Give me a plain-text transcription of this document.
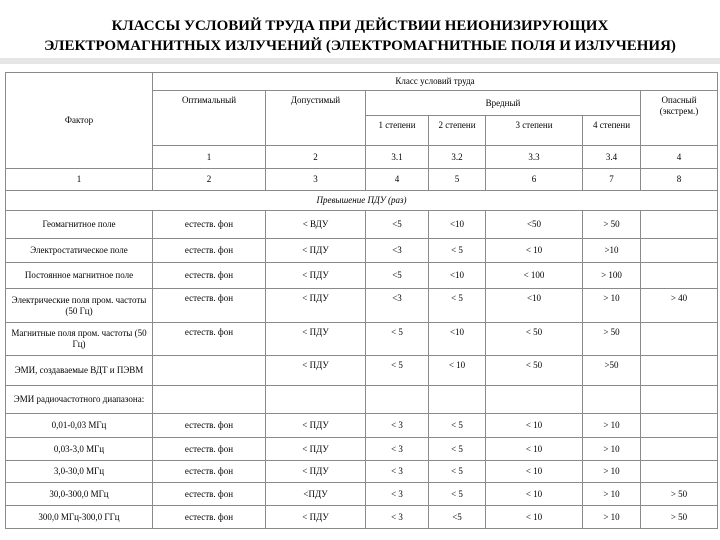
КЛАССЫ УСЛОВИЙ ТРУДА ПРИ ДЕЙСТВИИ НЕИОНИЗИРУЮЩИХ
ЭЛЕКТРОМАГНИТНЫХ ИЗЛУЧЕНИЙ (ЭЛЕКТРОМАГНИТНЫЕ ПОЛЯ И ИЗЛУЧЕНИЯ)
Фактор	Класс условий труда						
	Оптимальный	Допустимый	Вредный				Опасный (экстрем.)
			1 степени	2 степени	3 степени	4 степени	
	1	2	3.1	3.2	3.3	3.4	4
1	2	3	4	5	6	7	8
Превышение ПДУ (раз)							
Геомагнитное поле	естеств. фон	< ВДУ	<5	<10	<50	> 50	
Электростатическое поле	естеств. фон	< ПДУ	<3	< 5	< 10	>10	
Постоянное магнитное поле	естеств. фон	< ПДУ	<5	<10	< 100	> 100	
Электрические поля пром. частоты (50 Гц)	естеств. фон	< ПДУ	<3	< 5	<10	> 10	> 40
Магнитные поля пром. частоты (50 Гц)	естеств. фон	< ПДУ	< 5	<10	< 50	> 50	
ЭМИ, создаваемые ВДТ и ПЭВМ		< ПДУ	< 5	< 10	< 50	>50	
ЭМИ радиочастотного диапазона:							
0,01-0,03 МГц	естеств. фон	< ПДУ	< 3	< 5	< 10	> 10	
0,03-3,0 МГц	естеств. фон	< ПДУ	< 3	< 5	< 10	> 10	
3,0-30,0 МГц	естеств. фон	< ПДУ	< 3	< 5	< 10	> 10	
30,0-300,0 МГц	естеств. фон	<ПДУ	< 3	< 5	< 10	> 10	> 50
300,0 МГц-300,0 ГГц	естеств. фон	< ПДУ	< 3	<5	< 10	> 10	> 50
